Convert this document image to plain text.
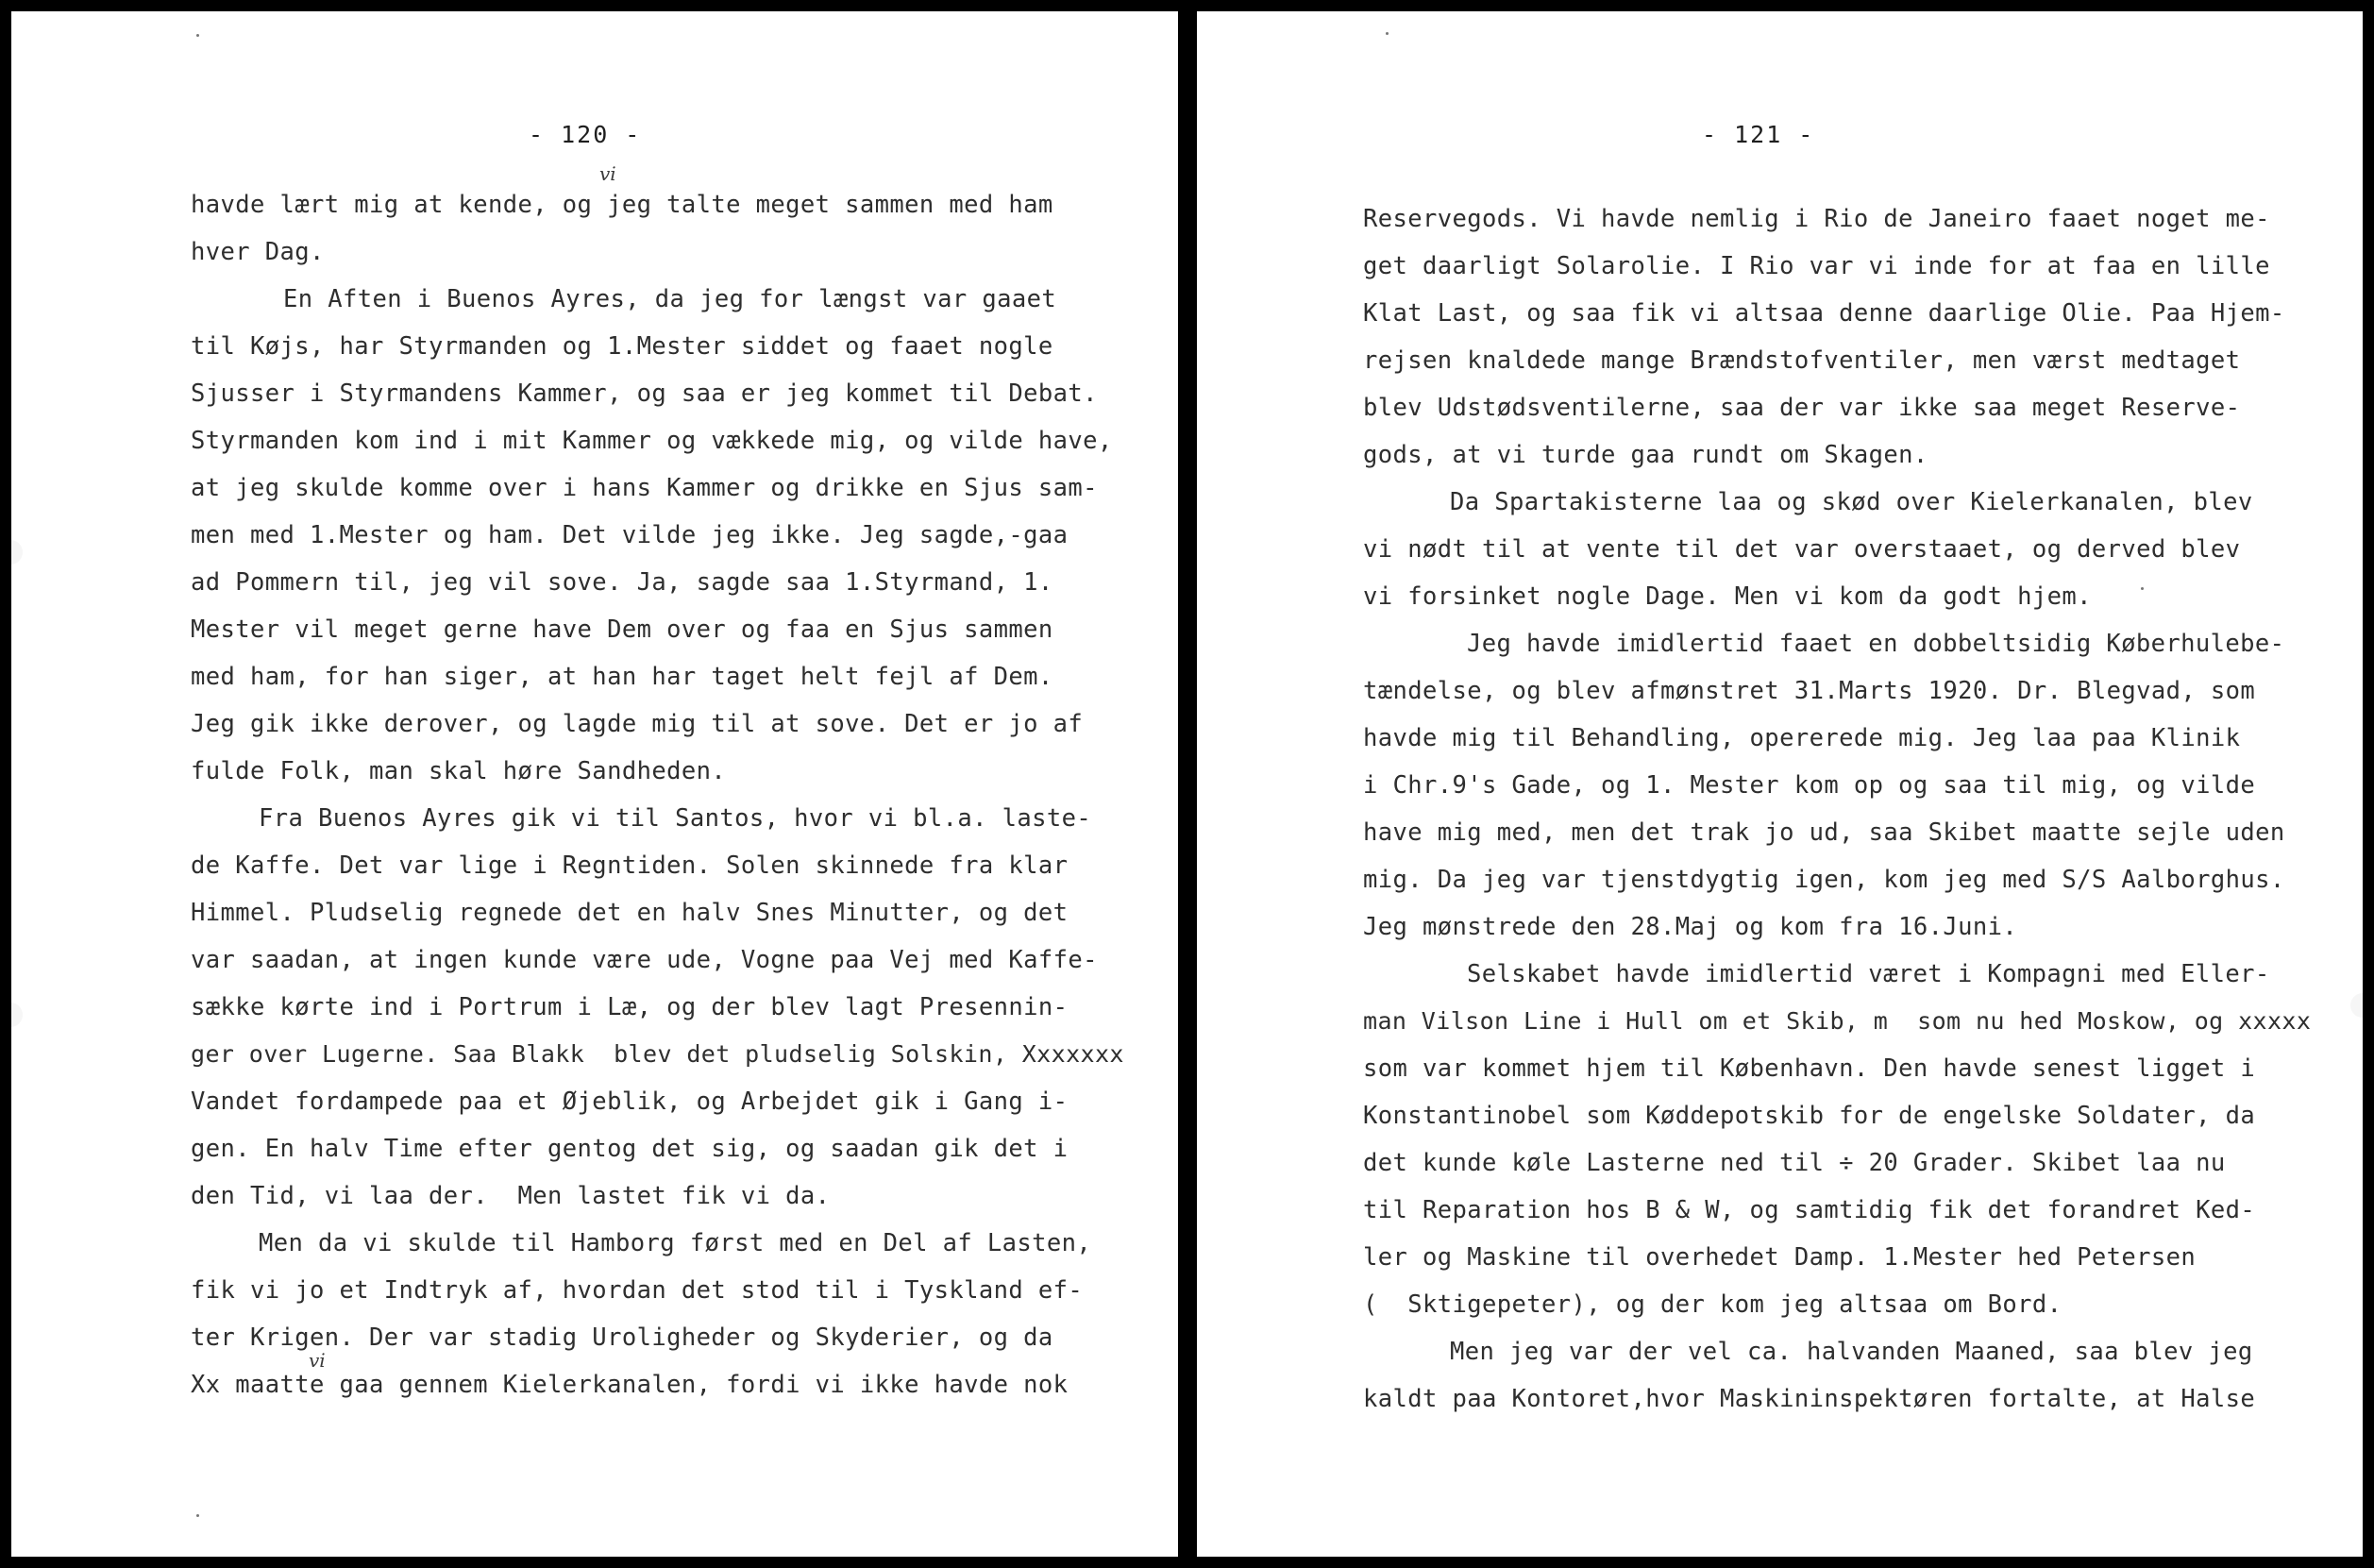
- 120 -
vi
havde lært mig at kende, og jeg talte meget sammen med ham
hver Dag.
En Aften i Buenos Ayres, da jeg for længst var gaaet
til Køjs, har Styrmanden og 1.Mester siddet og faaet nogle
Sjusser i Styrmandens Kammer, og saa er jeg kommet til Debat.
Styrmanden kom ind i mit Kammer og vækkede mig, og vilde have,
at jeg skulde komme over i hans Kammer og drikke en Sjus sam-
men med 1.Mester og ham. Det vilde jeg ikke. Jeg sagde,-gaa
ad Pommern til, jeg vil sove. Ja, sagde saa 1.Styrmand, 1.
Mester vil meget gerne have Dem over og faa en Sjus sammen
med ham, for han siger, at han har taget helt fejl af Dem.
Jeg gik ikke derover, og lagde mig til at sove. Det er jo af
fulde Folk, man skal høre Sandheden.
Fra Buenos Ayres gik vi til Santos, hvor vi bl.a. laste-
de Kaffe. Det var lige i Regntiden. Solen skinnede fra klar
Himmel. Pludselig regnede det en halv Snes Minutter, og det
var saadan, at ingen kunde være ude, Vogne paa Vej med Kaffe-
sække kørte ind i Portrum i Læ, og der blev lagt Presennin-
ger over Lugerne. Saa Blakk  blev det pludselig Solskin, Xxxxxxx
Vandet fordampede paa et Øjeblik, og Arbejdet gik i Gang i-
gen. En halv Time efter gentog det sig, og saadan gik det i
den Tid, vi laa der.  Men lastet fik vi da.
Men da vi skulde til Hamborg først med en Del af Lasten,
fik vi jo et Indtryk af, hvordan det stod til i Tyskland ef-
ter Krigen. Der var stadig Uroligheder og Skyderier, og da
vi
Xx maatte gaa gennem Kielerkanalen, fordi vi ikke havde nok
- 121 -
Reservegods. Vi havde nemlig i Rio de Janeiro faaet noget me-
get daarligt Solarolie. I Rio var vi inde for at faa en lille
Klat Last, og saa fik vi altsaa denne daarlige Olie. Paa Hjem-
rejsen knaldede mange Brændstofventiler, men værst medtaget
blev Udstødsventilerne, saa der var ikke saa meget Reserve-
gods, at vi turde gaa rundt om Skagen.
Da Spartakisterne laa og skød over Kielerkanalen, blev
vi nødt til at vente til det var overstaaet, og derved blev
vi forsinket nogle Dage. Men vi kom da godt hjem.
Jeg havde imidlertid faaet en dobbeltsidig Køberhulebe-
tændelse, og blev afmønstret 31.Marts 1920. Dr. Blegvad, som
havde mig til Behandling, opererede mig. Jeg laa paa Klinik
i Chr.9's Gade, og 1. Mester kom op og saa til mig, og vilde
have mig med, men det trak jo ud, saa Skibet maatte sejle uden
mig. Da jeg var tjenstdygtig igen, kom jeg med S/S Aalborghus.
Jeg mønstrede den 28.Maj og kom fra 16.Juni.
Selskabet havde imidlertid været i Kompagni med Eller-
man Vilson Line i Hull om et Skib, m  som nu hed Moskow, og xxxxx
som var kommet hjem til København. Den havde senest ligget i
Konstantinobel som Køddepotskib for de engelske Soldater, da
det kunde køle Lasterne ned til ÷ 20 Grader. Skibet laa nu
til Reparation hos B & W, og samtidig fik det forandret Ked-
ler og Maskine til overhedet Damp. 1.Mester hed Petersen
(  Sktigepeter), og der kom jeg altsaa om Bord.
Men jeg var der vel ca. halvanden Maaned, saa blev jeg
kaldt paa Kontoret,hvor Maskininspektøren fortalte, at Halse
